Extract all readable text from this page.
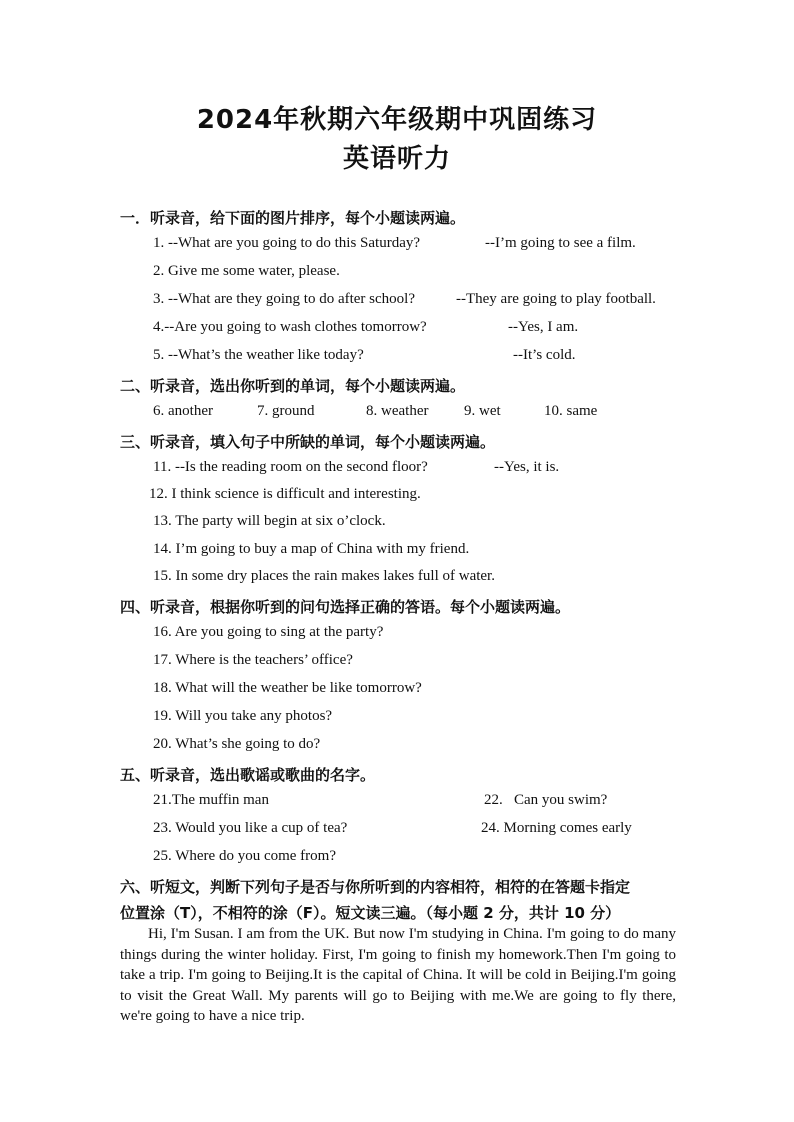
2024年秋期六年级期中巩固练习
英语听力
一．听录音，给下面的图片排序，每个小题读两遍。
1. --What are you going to do this Saturday?	--I’m going to see a film.
2. Give me some water, please.
3. --What are they going to do after school?	--They are going to play football.
4.--Are you going to wash clothes tomorrow?	--Yes, I am.
5. --What’s the weather like today?	--It’s cold.
二、听录音，选出你听到的单词，每个小题读两遍。
6. another	7. ground	8. weather 9. wet	10. same
三、听录音，填入句子中所缺的单词，每个小题读两遍。
11. --Is the reading room on the second floor?	--Yes, it is.
12. I think science is difficult and interesting.
13. The party will begin at six o’clock.
14. I’m going to buy a map of China with my friend.
15. In some dry places the rain makes lakes full of water.
四、听录音，根据你听到的问句选择正确的答语。每个小题读两遍。
16. Are you going to sing at the party?
17. Where is the teachers’ office?
18. What will the weather be like tomorrow?
19. Will you take any photos?
20. What’s she going to do?
五、听录音，选出歌谣或歌曲的名字。
21.The muffin man	22.   Can you swim?
23. Would you like a cup of tea?	24. Morning comes early
25. Where do you come from?
六、听短文，判断下列句子是否与你所听到的内容相符，相符的在答题卡指定
位置涂（T），不相符的涂（F）。短文读三遍。（每小题 2 分，共计 10 分）
Hi, I'm Susan. I am from the UK. But now I'm studying in China. I'm going to do many things during the winter holiday. First, I'm going to finish my homework.Then I'm going to take a trip. I'm going to Beijing.It is the capital of China. It will be cold in Beijing.I'm going to visit the Great Wall. My parents will go to Beijing with me.We are going to fly there, we're going to have a nice trip.
